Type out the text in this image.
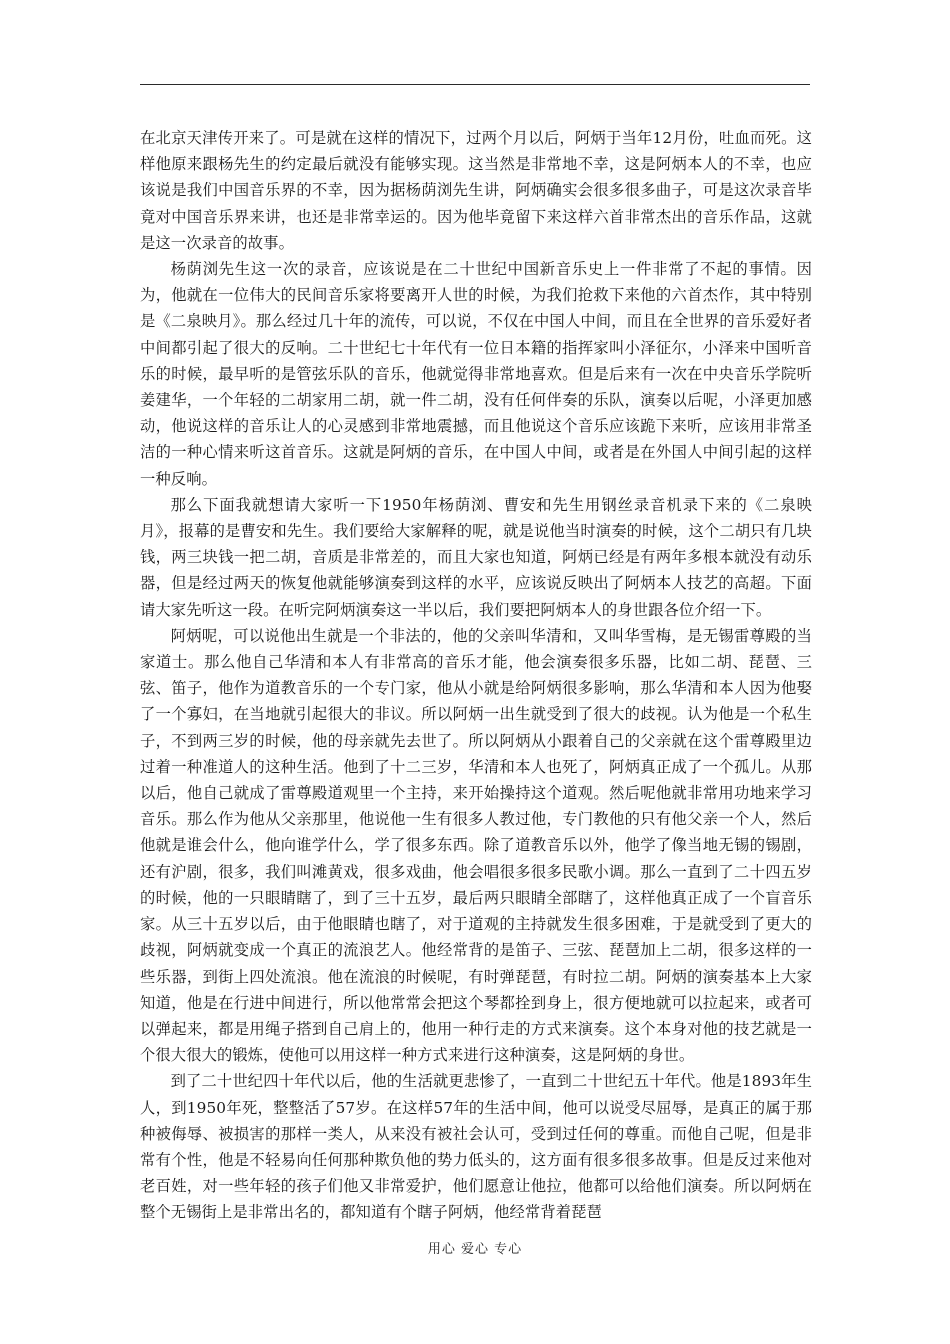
在北京天津传开来了。可是就在这样的情况下，过两个月以后，阿炳于当年12月份，吐血而死。这样他原来跟杨先生的约定最后就没有能够实现。这当然是非常地不幸，这是阿炳本人的不幸，也应该说是我们中国音乐界的不幸，因为据杨荫浏先生讲，阿炳确实会很多很多曲子，可是这次录音毕竟对中国音乐界来讲，也还是非常幸运的。因为他毕竟留下来这样六首非常杰出的音乐作品，这就是这一次录音的故事。

杨荫浏先生这一次的录音，应该说是在二十世纪中国新音乐史上一件非常了不起的事情。因为，他就在一位伟大的民间音乐家将要离开人世的时候，为我们抢救下来他的六首杰作，其中特别是《二泉映月》。那么经过几十年的流传，可以说，不仅在中国人中间，而且在全世界的音乐爱好者中间都引起了很大的反响。二十世纪七十年代有一位日本籍的指挥家叫小泽征尔，小泽来中国听音乐的时候，最早听的是管弦乐队的音乐，他就觉得非常地喜欢。但是后来有一次在中央音乐学院听姜建华，一个年轻的二胡家用二胡，就一件二胡，没有任何伴奏的乐队，演奏以后呢，小泽更加感动，他说这样的音乐让人的心灵感到非常地震撼，而且他说这个音乐应该跪下来听，应该用非常圣洁的一种心情来听这首音乐。这就是阿炳的音乐，在中国人中间，或者是在外国人中间引起的这样一种反响。

那么下面我就想请大家听一下1950年杨荫浏、曹安和先生用钢丝录音机录下来的《二泉映月》，报幕的是曹安和先生。我们要给大家解释的呢，就是说他当时演奏的时候，这个二胡只有几块钱，两三块钱一把二胡，音质是非常差的，而且大家也知道，阿炳已经是有两年多根本就没有动乐器，但是经过两天的恢复他就能够演奏到这样的水平，应该说反映出了阿炳本人技艺的高超。下面请大家先听这一段。在听完阿炳演奏这一半以后，我们要把阿炳本人的身世跟各位介绍一下。

阿炳呢，可以说他出生就是一个非法的，他的父亲叫华清和，又叫华雪梅，是无锡雷尊殿的当家道士。那么他自己华清和本人有非常高的音乐才能，他会演奏很多乐器，比如二胡、琵琶、三弦、笛子，他作为道教音乐的一个专门家，他从小就是给阿炳很多影响，那么华清和本人因为他娶了一个寡妇，在当地就引起很大的非议。所以阿炳一出生就受到了很大的歧视。认为他是一个私生子，不到两三岁的时候，他的母亲就先去世了。所以阿炳从小跟着自己的父亲就在这个雷尊殿里边过着一种准道人的这种生活。他到了十二三岁，华清和本人也死了，阿炳真正成了一个孤儿。从那以后，他自己就成了雷尊殿道观里一个主持，来开始操持这个道观。然后呢他就非常用功地来学习音乐。那么作为他从父亲那里，他说他一生有很多人教过他，专门教他的只有他父亲一个人，然后他就是谁会什么，他向谁学什么，学了很多东西。除了道教音乐以外，他学了像当地无锡的锡剧，还有沪剧，很多，我们叫滩黄戏，很多戏曲，他会唱很多很多民歌小调。那么一直到了二十四五岁的时候，他的一只眼睛瞎了，到了三十五岁，最后两只眼睛全部瞎了，这样他真正成了一个盲音乐家。从三十五岁以后，由于他眼睛也瞎了，对于道观的主持就发生很多困难，于是就受到了更大的歧视，阿炳就变成一个真正的流浪艺人。他经常背的是笛子、三弦、琵琶加上二胡，很多这样的一些乐器，到街上四处流浪。他在流浪的时候呢，有时弹琵琶，有时拉二胡。阿炳的演奏基本上大家知道，他是在行进中间进行，所以他常常会把这个琴都拴到身上，很方便地就可以拉起来，或者可以弹起来，都是用绳子搭到自己肩上的，他用一种行走的方式来演奏。这个本身对他的技艺就是一个很大很大的锻炼，使他可以用这样一种方式来进行这种演奏，这是阿炳的身世。

到了二十世纪四十年代以后，他的生活就更悲惨了，一直到二十世纪五十年代。他是1893年生人，到1950年死，整整活了57岁。在这样57年的生活中间，他可以说受尽屈辱，是真正的属于那种被侮辱、被损害的那样一类人，从来没有被社会认可，受到过任何的尊重。而他自己呢，但是非常有个性，他是不轻易向任何那种欺负他的势力低头的，这方面有很多很多故事。但是反过来他对老百姓，对一些年轻的孩子们他又非常爱护，他们愿意让他拉，他都可以给他们演奏。所以阿炳在整个无锡街上是非常出名的，都知道有个瞎子阿炳，他经常背着琵琶

用心 爱心 专心
